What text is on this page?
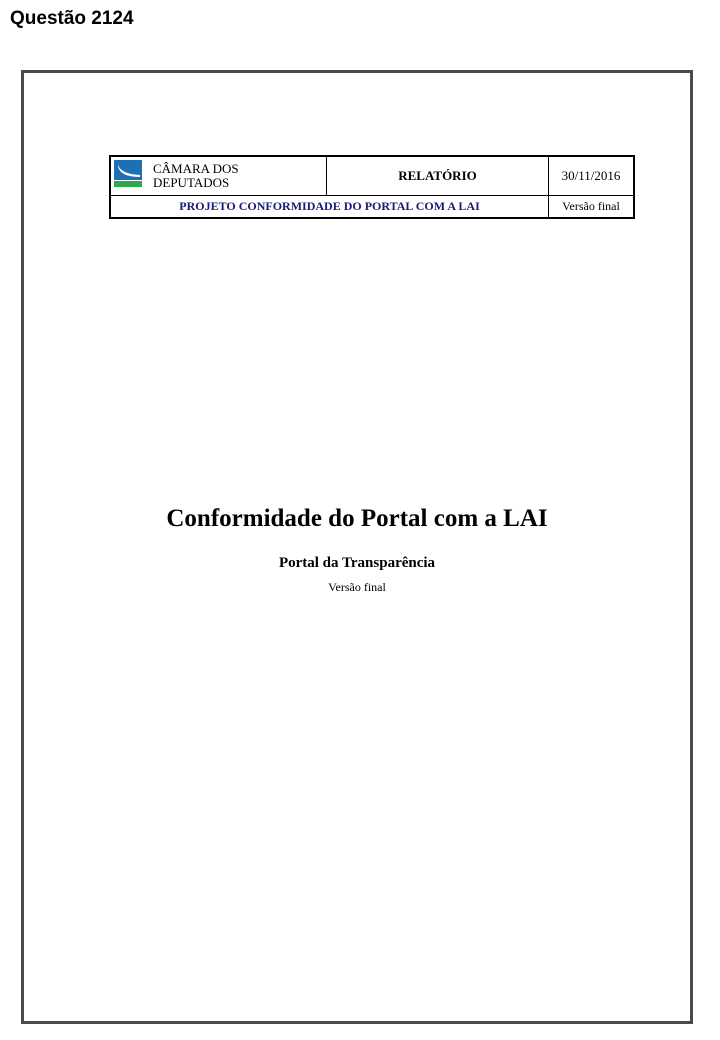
Questão 2124
CÂMARA DOS
DEPUTADOS	RELATÓRIO	30/11/2016
PROJETO CONFORMIDADE DO PORTAL COM A LAI		Versão final
Conformidade do Portal com a LAI
Portal da Transparência
Versão final
